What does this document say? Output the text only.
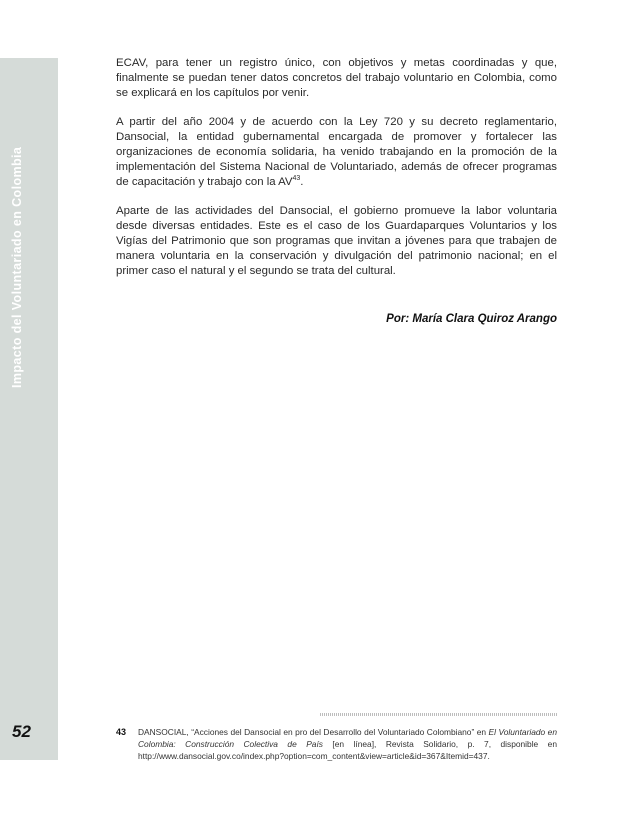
Impacto del Voluntariado en Colombia
52

ECAV, para tener un registro único, con objetivos y metas coordinadas y que, finalmente se puedan tener datos concretos del trabajo voluntario en Colombia, como se explicará en los capítulos por venir.

A partir del año 2004 y de acuerdo con la Ley 720 y su decreto reglamentario, Dansocial, la entidad gubernamental encargada de promover y fortalecer las organizaciones de economía solidaria, ha venido trabajando en la promoción de la implementación del Sistema Nacional de Voluntariado, además de ofrecer programas de capacitación y trabajo con la AV$^{43}$.

Aparte de las actividades del Dansocial, el gobierno promueve la labor voluntaria desde diversas entidades. Este es el caso de los Guardaparques Voluntarios y los Vigías del Patrimonio que son programas que invitan a jóvenes para que trabajen de manera voluntaria en la conservación y divulgación del patrimonio nacional; en el primer caso el natural y el segundo se trata del cultural.

Por: María Clara Quiroz Arango
43	DANSOCIAL, “Acciones del Dansocial en pro del Desarrollo del Voluntariado Colombiano” en El Voluntariado en Colombia: Construcción Colectiva de País [en línea], Revista Solidario, p. 7, disponible en http://www.dansocial.gov.co/index.php?option=com_content&view=article&id=367&Itemid=437.
